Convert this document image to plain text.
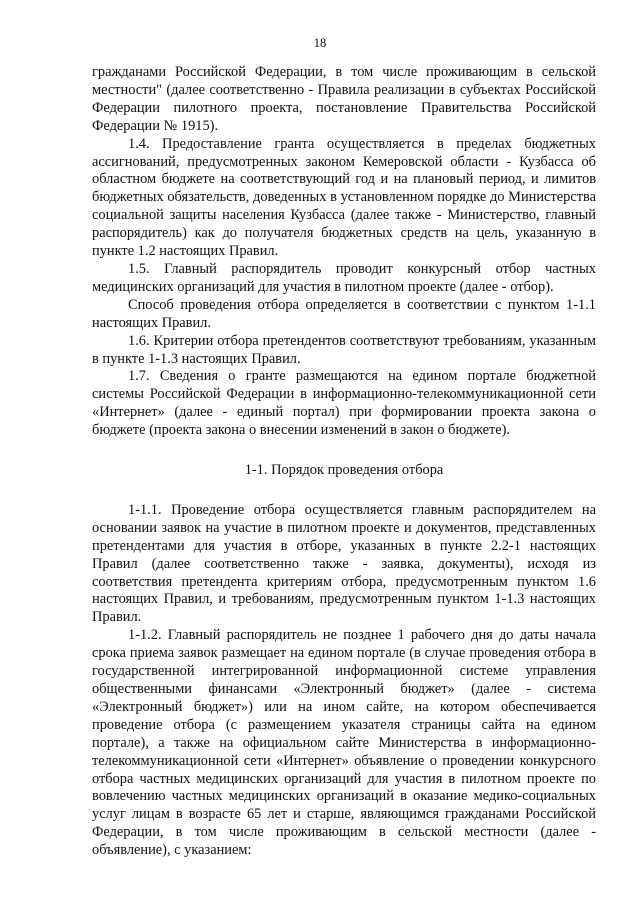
18

гражданами Российской Федерации, в том числе проживающим в сельской местности" (далее соответственно - Правила реализации в субъектах Российской Федерации пилотного проекта, постановление Правительства Российской Федерации № 1915).

1.4. Предоставление гранта осуществляется в пределах бюджетных ассигнований, предусмотренных законом Кемеровской области - Кузбасса об областном бюджете на соответствующий год и на плановый период, и лимитов бюджетных обязательств, доведенных в установленном порядке до Министерства социальной защиты населения Кузбасса (далее также - Министерство, главный распорядитель) как до получателя бюджетных средств на цель, указанную в пункте 1.2 настоящих Правил.

1.5. Главный распорядитель проводит конкурсный отбор частных медицинских организаций для участия в пилотном проекте (далее - отбор).

Способ проведения отбора определяется в соответствии с пунктом 1-1.1 настоящих Правил.

1.6. Критерии отбора претендентов соответствуют требованиям, указанным в пункте 1-1.3 настоящих Правил.

1.7. Сведения о гранте размещаются на едином портале бюджетной системы Российской Федерации в информационно-телекоммуникационной сети «Интернет» (далее - единый портал) при формировании проекта закона о бюджете (проекта закона о внесении изменений в закон о бюджете).

1-1. Порядок проведения отбора

1-1.1. Проведение отбора осуществляется главным распорядителем на основании заявок на участие в пилотном проекте и документов, представленных претендентами для участия в отборе, указанных в пункте 2.2-1 настоящих Правил (далее соответственно также - заявка, документы), исходя из соответствия претендента критериям отбора, предусмотренным пунктом 1.6 настоящих Правил, и требованиям, предусмотренным пунктом 1-1.3 настоящих Правил.

1-1.2. Главный распорядитель не позднее 1 рабочего дня до даты начала срока приема заявок размещает на едином портале (в случае проведения отбора в государственной интегрированной информационной системе управления общественными финансами «Электронный бюджет» (далее - система «Электронный бюджет») или на ином сайте, на котором обеспечивается проведение отбора (с размещением указателя страницы сайта на едином портале), а также на официальном сайте Министерства в информационно-телекоммуникационной сети «Интернет» объявление о проведении конкурсного отбора частных медицинских организаций для участия в пилотном проекте по вовлечению частных медицинских организаций в оказание медико-социальных услуг лицам в возрасте 65 лет и старше, являющимся гражданами Российской Федерации, в том числе проживающим в сельской местности (далее - объявление), с указанием:
